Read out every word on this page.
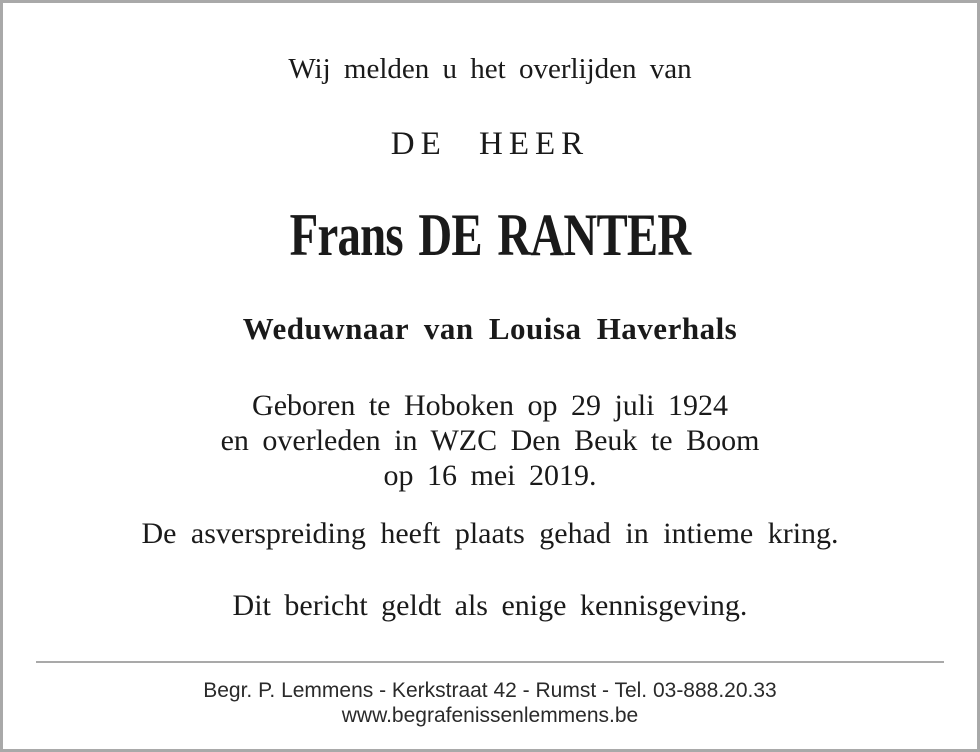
Wij melden u het overlijden van
DE HEER
Frans DE RANTER
Weduwnaar van Louisa Haverhals
Geboren te Hoboken op 29 juli 1924
en overleden in WZC Den Beuk te Boom
op 16 mei 2019.
De asverspreiding heeft plaats gehad in intieme kring.
Dit bericht geldt als enige kennisgeving.
Begr. P. Lemmens - Kerkstraat 42 - Rumst - Tel. 03-888.20.33
www.begrafenissenlemmens.be
